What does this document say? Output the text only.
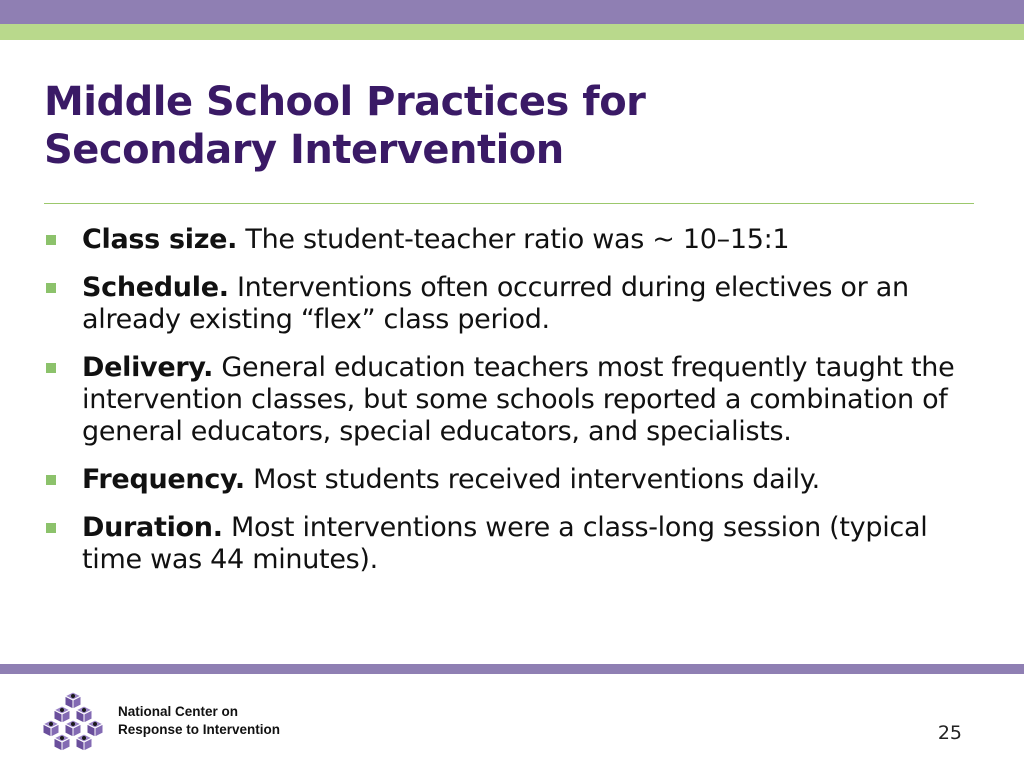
Middle School Practices for
Secondary Intervention
Class size. The student-teacher ratio was ~ 10–15:1
Schedule. Interventions often occurred during electives or an already existing “flex” class period.
Delivery. General education teachers most frequently taught the intervention classes, but some schools reported a combination of general educators, special educators, and specialists.
Frequency. Most students received interventions daily.
Duration. Most interventions were a class-long session (typical time was 44 minutes).
National Center on
Response to Intervention	25
